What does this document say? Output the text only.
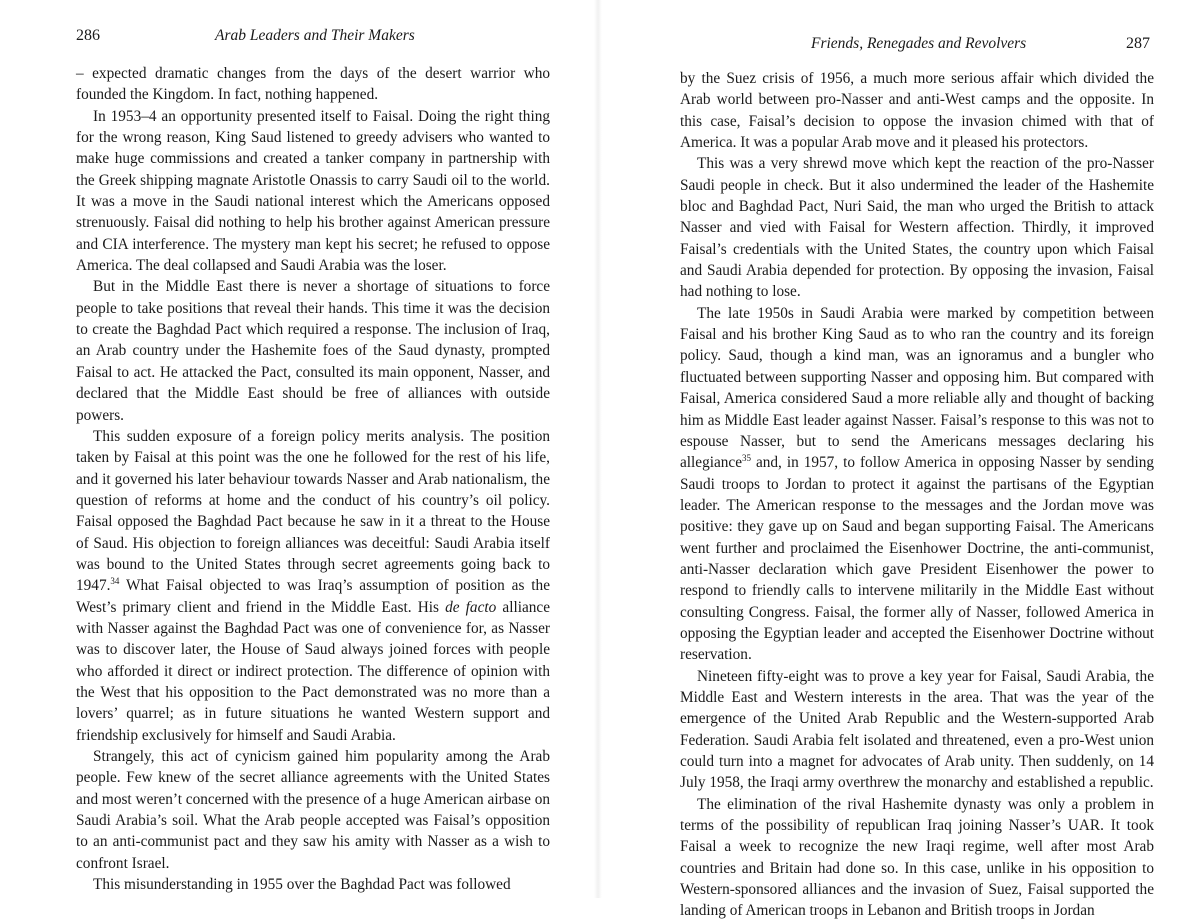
286	Arab Leaders and Their Makers

– expected dramatic changes from the days of the desert warrior who founded the Kingdom. In fact, nothing happened.

In 1953–4 an opportunity presented itself to Faisal. Doing the right thing for the wrong reason, King Saud listened to greedy advisers who wanted to make huge commissions and created a tanker company in partnership with the Greek shipping magnate Aristotle Onassis to carry Saudi oil to the world. It was a move in the Saudi national interest which the Americans opposed strenuously. Faisal did nothing to help his brother against American pressure and CIA interference. The mystery man kept his secret; he refused to oppose America. The deal collapsed and Saudi Arabia was the loser.

But in the Middle East there is never a shortage of situations to force people to take positions that reveal their hands. This time it was the decision to create the Baghdad Pact which required a response. The inclusion of Iraq, an Arab country under the Hashemite foes of the Saud dynasty, prompted Faisal to act. He attacked the Pact, consulted its main opponent, Nasser, and declared that the Middle East should be free of alliances with outside powers.

This sudden exposure of a foreign policy merits analysis. The position taken by Faisal at this point was the one he followed for the rest of his life, and it governed his later behaviour towards Nasser and Arab nationalism, the question of reforms at home and the conduct of his country’s oil policy. Faisal opposed the Baghdad Pact because he saw in it a threat to the House of Saud. His objection to foreign alliances was deceitful: Saudi Arabia itself was bound to the United States through secret agreements going back to 1947.34 What Faisal objected to was Iraq’s assumption of position as the West’s primary client and friend in the Middle East. His de facto alliance with Nasser against the Baghdad Pact was one of convenience for, as Nasser was to discover later, the House of Saud always joined forces with people who afforded it direct or indirect protection. The difference of opinion with the West that his opposition to the Pact demonstrated was no more than a lovers’ quarrel; as in future situations he wanted Western support and friendship exclusively for himself and Saudi Arabia.

Strangely, this act of cynicism gained him popularity among the Arab people. Few knew of the secret alliance agreements with the United States and most weren’t concerned with the presence of a huge American airbase on Saudi Arabia’s soil. What the Arab people accepted was Faisal’s opposition to an anti-communist pact and they saw his amity with Nasser as a wish to confront Israel.

This misunderstanding in 1955 over the Baghdad Pact was followed

Friends, Renegades and Revolvers	287

by the Suez crisis of 1956, a much more serious affair which divided the Arab world between pro-Nasser and anti-West camps and the opposite. In this case, Faisal’s decision to oppose the invasion chimed with that of America. It was a popular Arab move and it pleased his protectors.

This was a very shrewd move which kept the reaction of the pro-Nasser Saudi people in check. But it also undermined the leader of the Hashemite bloc and Baghdad Pact, Nuri Said, the man who urged the British to attack Nasser and vied with Faisal for Western affection. Thirdly, it improved Faisal’s credentials with the United States, the country upon which Faisal and Saudi Arabia depended for protection. By opposing the invasion, Faisal had nothing to lose.

The late 1950s in Saudi Arabia were marked by competition between Faisal and his brother King Saud as to who ran the country and its foreign policy. Saud, though a kind man, was an ignoramus and a bungler who fluctuated between supporting Nasser and opposing him. But compared with Faisal, America considered Saud a more reliable ally and thought of backing him as Middle East leader against Nasser. Faisal’s response to this was not to espouse Nasser, but to send the Americans messages declaring his allegiance$^{35}$ and, in 1957, to follow America in opposing Nasser by sending Saudi troops to Jordan to protect it against the partisans of the Egyptian leader. The American response to the messages and the Jordan move was positive: they gave up on Saud and began supporting Faisal. The Americans went further and proclaimed the Eisenhower Doctrine, the anti-communist, anti-Nasser declaration which gave President Eisenhower the power to respond to friendly calls to intervene militarily in the Middle East without consulting Congress. Faisal, the former ally of Nasser, followed America in opposing the Egyptian leader and accepted the Eisenhower Doctrine without reservation.

Nineteen fifty-eight was to prove a key year for Faisal, Saudi Arabia, the Middle East and Western interests in the area. That was the year of the emergence of the United Arab Republic and the Western-supported Arab Federation. Saudi Arabia felt isolated and threatened, even a pro-West union could turn into a magnet for advocates of Arab unity. Then suddenly, on 14 July 1958, the Iraqi army overthrew the monarchy and established a republic.

The elimination of the rival Hashemite dynasty was only a problem in terms of the possibility of republican Iraq joining Nasser’s UAR. It took Faisal a week to recognize the new Iraqi regime, well after most Arab countries and Britain had done so. In this case, unlike in his opposition to Western-sponsored alliances and the invasion of Suez, Faisal supported the landing of American troops in Lebanon and British troops in Jordan
